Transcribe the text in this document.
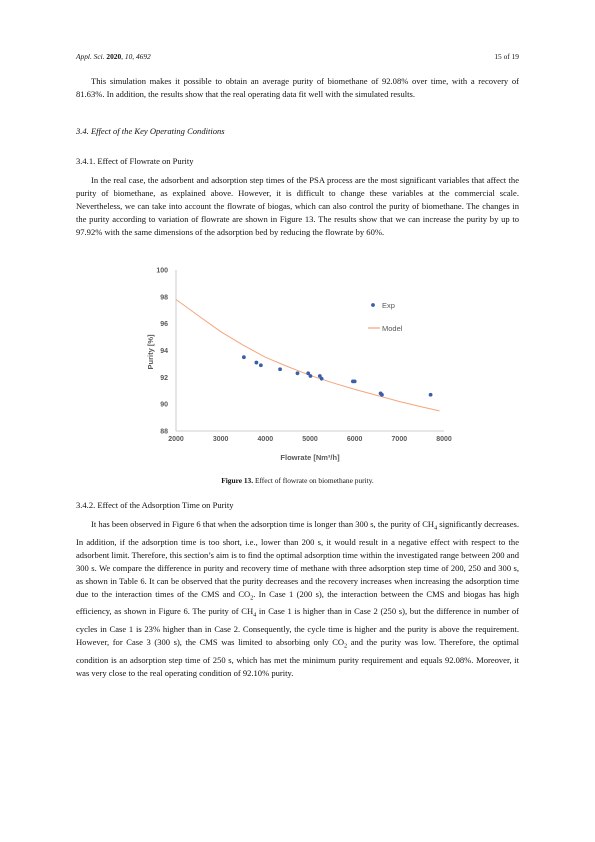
Appl. Sci. 2020, 10, 4692	15 of 19

This simulation makes it possible to obtain an average purity of biomethane of 92.08% over time, with a recovery of 81.63%. In addition, the results show that the real operating data fit well with the simulated results.

3.4. Effect of the Key Operating Conditions

3.4.1. Effect of Flowrate on Purity

In the real case, the adsorbent and adsorption step times of the PSA process are the most significant variables that affect the purity of biomethane, as explained above. However, it is difficult to change these variables at the commercial scale. Nevertheless, we can take into account the flowrate of biogas, which can also control the purity of biomethane. The changes in the purity according to variation of flowrate are shown in Figure 13. The results show that we can increase the purity by up to 97.92% with the same dimensions of the adsorption bed by reducing the flowrate by 60%.

88
90
92
94
96
98
100
2000	3000	4000	5000	6000	7000	8000
Purity [%]
Flowrate [Nm³/h]
Exp
Model
Figure 13. Effect of flowrate on biomethane purity.

3.4.2. Effect of the Adsorption Time on Purity

It has been observed in Figure 6 that when the adsorption time is longer than 300 s, the purity of $CH_4$ significantly decreases. In addition, if the adsorption time is too short, i.e., lower than 200 s, it would result in a negative effect with respect to the adsorbent limit. Therefore, this section’s aim is to find the optimal adsorption time within the investigated range between 200 and 300 s. We compare the difference in purity and recovery time of methane with three adsorption step time of 200, 250 and 300 s, as shown in Table 6. It can be observed that the purity decreases and the recovery increases when increasing the adsorption time due to the interaction times of the CMS and $CO_2$. In Case 1 (200 s), the interaction between the CMS and biogas has high efficiency, as shown in Figure 6. The purity of $CH_4$ in Case 1 is higher than in Case 2 (250 s), but the difference in number of cycles in Case 1 is 23% higher than in Case 2. Consequently, the cycle time is higher and the purity is above the requirement. However, for Case 3 (300 s), the CMS was limited to absorbing only $CO_2$ and the purity was low. Therefore, the optimal condition is an adsorption step time of 250 s, which has met the minimum purity requirement and equals 92.08%. Moreover, it was very close to the real operating condition of 92.10% purity.
